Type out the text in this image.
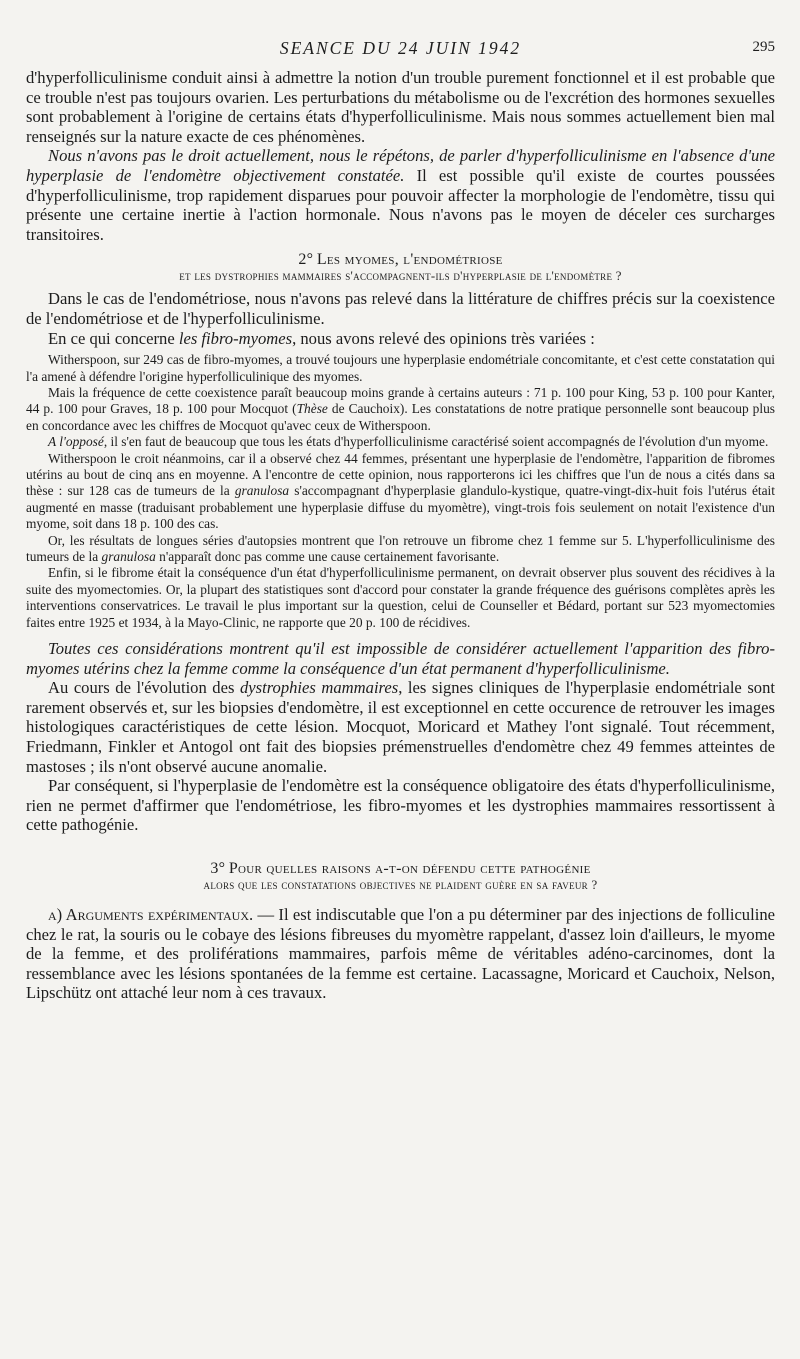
SEANCE DU 24 JUIN 1942	295

d'hyperfolliculinisme conduit ainsi à admettre la notion d'un trouble purement fonctionnel et il est probable que ce trouble n'est pas toujours ovarien. Les perturbations du métabolisme ou de l'excrétion des hormones sexuelles sont probablement à l'origine de certains états d'hyperfolliculinisme. Mais nous sommes actuellement bien mal renseignés sur la nature exacte de ces phénomènes.

Nous n'avons pas le droit actuellement, nous le répétons, de parler d'hyperfolliculinisme en l'absence d'une hyperplasie de l'endomètre objectivement constatée. Il est possible qu'il existe de courtes poussées d'hyperfolliculinisme, trop rapidement disparues pour pouvoir affecter la morphologie de l'endomètre, tissu qui présente une certaine inertie à l'action hormonale. Nous n'avons pas le moyen de déceler ces surcharges transitoires.

2° Les myomes, l'endométriose
et les dystrophies mammaires s'accompagnent-ils d'hyperplasie de l'endomètre ?

Dans le cas de l'endométriose, nous n'avons pas relevé dans la littérature de chiffres précis sur la coexistence de l'endométriose et de l'hyperfolliculinisme.

En ce qui concerne les fibro-myomes, nous avons relevé des opinions très variées :

Witherspoon, sur 249 cas de fibro-myomes, a trouvé toujours une hyperplasie endométriale concomitante, et c'est cette constatation qui l'a amené à défendre l'origine hyperfolliculinique des myomes.

Mais la fréquence de cette coexistence paraît beaucoup moins grande à certains auteurs : 71 p. 100 pour King, 53 p. 100 pour Kanter, 44 p. 100 pour Graves, 18 p. 100 pour Mocquot (Thèse de Cauchoix). Les constatations de notre pratique personnelle sont beaucoup plus en concordance avec les chiffres de Mocquot qu'avec ceux de Witherspoon.

A l'opposé, il s'en faut de beaucoup que tous les états d'hyperfolliculinisme caractérisé soient accompagnés de l'évolution d'un myome.

Witherspoon le croit néanmoins, car il a observé chez 44 femmes, présentant une hyperplasie de l'endomètre, l'apparition de fibromes utérins au bout de cinq ans en moyenne. A l'encontre de cette opinion, nous rapporterons ici les chiffres que l'un de nous a cités dans sa thèse : sur 128 cas de tumeurs de la granulosa s'accompagnant d'hyperplasie glandulo-kystique, quatre-vingt-dix-huit fois l'utérus était augmenté en masse (traduisant probablement une hyperplasie diffuse du myomètre), vingt-trois fois seulement on notait l'existence d'un myome, soit dans 18 p. 100 des cas.

Or, les résultats de longues séries d'autopsies montrent que l'on retrouve un fibrome chez 1 femme sur 5. L'hyperfolliculinisme des tumeurs de la granulosa n'apparaît donc pas comme une cause certainement favorisante.

Enfin, si le fibrome était la conséquence d'un état d'hyperfolliculinisme permanent, on devrait observer plus souvent des récidives à la suite des myomectomies. Or, la plupart des statistiques sont d'accord pour constater la grande fréquence des guérisons complètes après les interventions conservatrices. Le travail le plus important sur la question, celui de Counseller et Bédard, portant sur 523 myomectomies faites entre 1925 et 1934, à la Mayo-Clinic, ne rapporte que 20 p. 100 de récidives.

Toutes ces considérations montrent qu'il est impossible de considérer actuellement l'apparition des fibro-myomes utérins chez la femme comme la conséquence d'un état permanent d'hyperfolliculinisme.

Au cours de l'évolution des dystrophies mammaires, les signes cliniques de l'hyperplasie endométriale sont rarement observés et, sur les biopsies d'endomètre, il est exceptionnel en cette occurence de retrouver les images histologiques caractéristiques de cette lésion. Mocquot, Moricard et Mathey l'ont signalé. Tout récemment, Friedmann, Finkler et Antogol ont fait des biopsies prémenstruelles d'endomètre chez 49 femmes atteintes de mastoses ; ils n'ont observé aucune anomalie.

Par conséquent, si l'hyperplasie de l'endomètre est la conséquence obligatoire des états d'hyperfolliculinisme, rien ne permet d'affirmer que l'endométriose, les fibro-myomes et les dystrophies mammaires ressortissent à cette pathogénie.

3° Pour quelles raisons a-t-on défendu cette pathogénie
alors que les constatations objectives ne plaident guère en sa faveur ?

a) Arguments expérimentaux. — Il est indiscutable que l'on a pu déterminer par des injections de folliculine chez le rat, la souris ou le cobaye des lésions fibreuses du myomètre rappelant, d'assez loin d'ailleurs, le myome de la femme, et des proliférations mammaires, parfois même de véritables adéno-carcinomes, dont la ressemblance avec les lésions spontanées de la femme est certaine. Lacassagne, Moricard et Cauchoix, Nelson, Lipschütz ont attaché leur nom à ces travaux.
